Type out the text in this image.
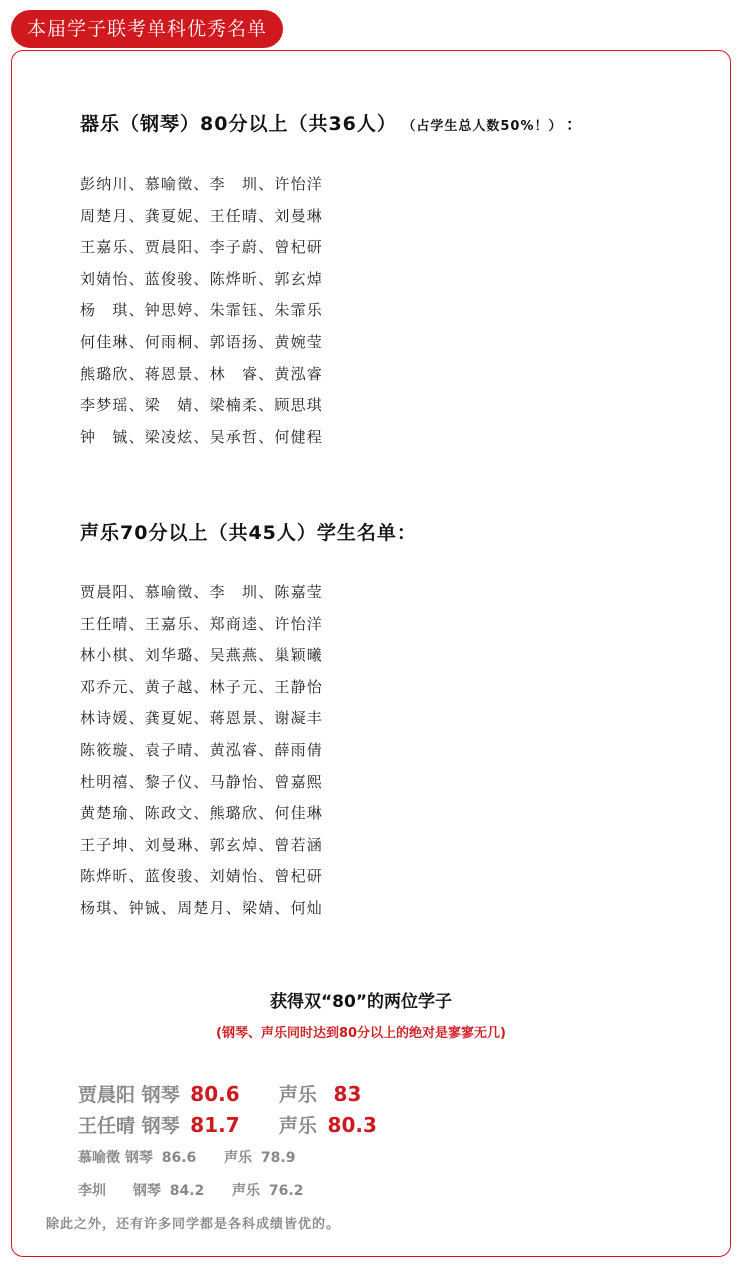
本届学子联考单科优秀名单
器乐（钢琴）80分以上（共36人） （占学生总人数50%！） ：
彭纳川、慕喻徵、李　圳、许怡洋
周楚月、龚夏妮、王任晴、刘曼琳
王嘉乐、贾晨阳、李子蔚、曾杞研
刘婧怡、蓝俊骏、陈烨昕、郭玄焯
杨　琪、钟思婷、朱霏钰、朱霏乐
何佳琳、何雨桐、郭语扬、黄婉莹
熊璐欣、蒋恩景、林　睿、黄泓睿
李梦瑶、梁　婧、梁楠柔、顾思琪
钟　铖、梁凌炫、吴承哲、何健程
声乐70分以上（共45人）学生名单：
贾晨阳、慕喻徵、李　圳、陈嘉莹
王任晴、王嘉乐、郑商逵、许怡洋
林小棋、刘华璐、吴燕燕、巢颖曦
邓乔元、黄子越、林子元、王静怡
林诗媛、龚夏妮、蒋恩景、谢凝丰
陈筱璇、袁子晴、黄泓睿、薛雨倩
杜明禧、黎子仪、马静怡、曾嘉熙
黄楚瑜、陈政文、熊璐欣、何佳琳
王子坤、刘曼琳、郭玄焯、曾若涵
陈烨昕、蓝俊骏、刘婧怡、曾杞研
杨琪、钟铖、周楚月、梁婧、何灿
获得双“80”的两位学子
(钢琴、声乐同时达到80分以上的绝对是寥寥无几)
贾晨阳 钢琴 80.6 声乐 83
王任晴 钢琴 81.7 声乐 80.3
慕喻徵 钢琴 86.6 声乐 78.9
李圳 钢琴 84.2 声乐 76.2
除此之外，还有许多同学都是各科成绩皆优的。
